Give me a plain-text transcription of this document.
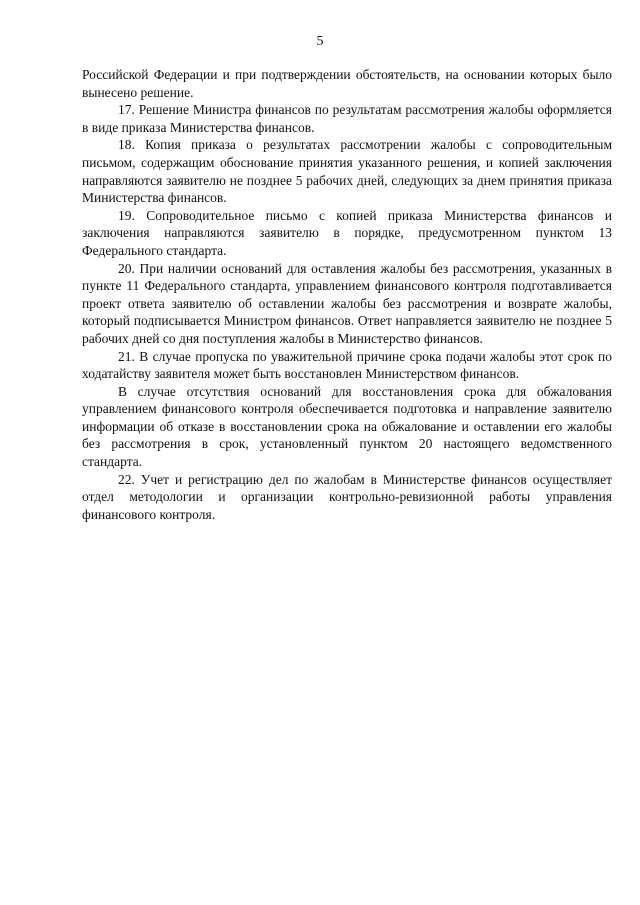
5

Российской Федерации и при подтверждении обстоятельств, на основании которых было вынесено решение.

17. Решение Министра финансов по результатам рассмотрения жалобы оформляется в виде приказа Министерства финансов.

18. Копия приказа о результатах рассмотрении жалобы с сопроводительным письмом, содержащим обоснование принятия указанного решения, и копией заключения направляются заявителю не позднее 5 рабочих дней, следующих за днем принятия приказа Министерства финансов.

19. Сопроводительное письмо с копией приказа Министерства финансов и заключения направляются заявителю в порядке, предусмотренном пунктом 13 Федерального стандарта.

20. При наличии оснований для оставления жалобы без рассмотрения, указанных в пункте 11 Федерального стандарта, управлением финансового контроля подготавливается проект ответа заявителю об оставлении жалобы без рассмотрения и возврате жалобы, который подписывается Министром финансов. Ответ направляется заявителю не позднее 5 рабочих дней со дня поступления жалобы в Министерство финансов.

21. В случае пропуска по уважительной причине срока подачи жалобы этот срок по ходатайству заявителя может быть восстановлен Министерством финансов.

В случае отсутствия оснований для восстановления срока для обжалования управлением финансового контроля обеспечивается подготовка и направление заявителю информации об отказе в восстановлении срока на обжалование и оставлении его жалобы без рассмотрения в срок, установленный пунктом 20 настоящего ведомственного стандарта.

22. Учет и регистрацию дел по жалобам в Министерстве финансов осуществляет отдел методологии и организации контрольно-ревизионной работы управления финансового контроля.
